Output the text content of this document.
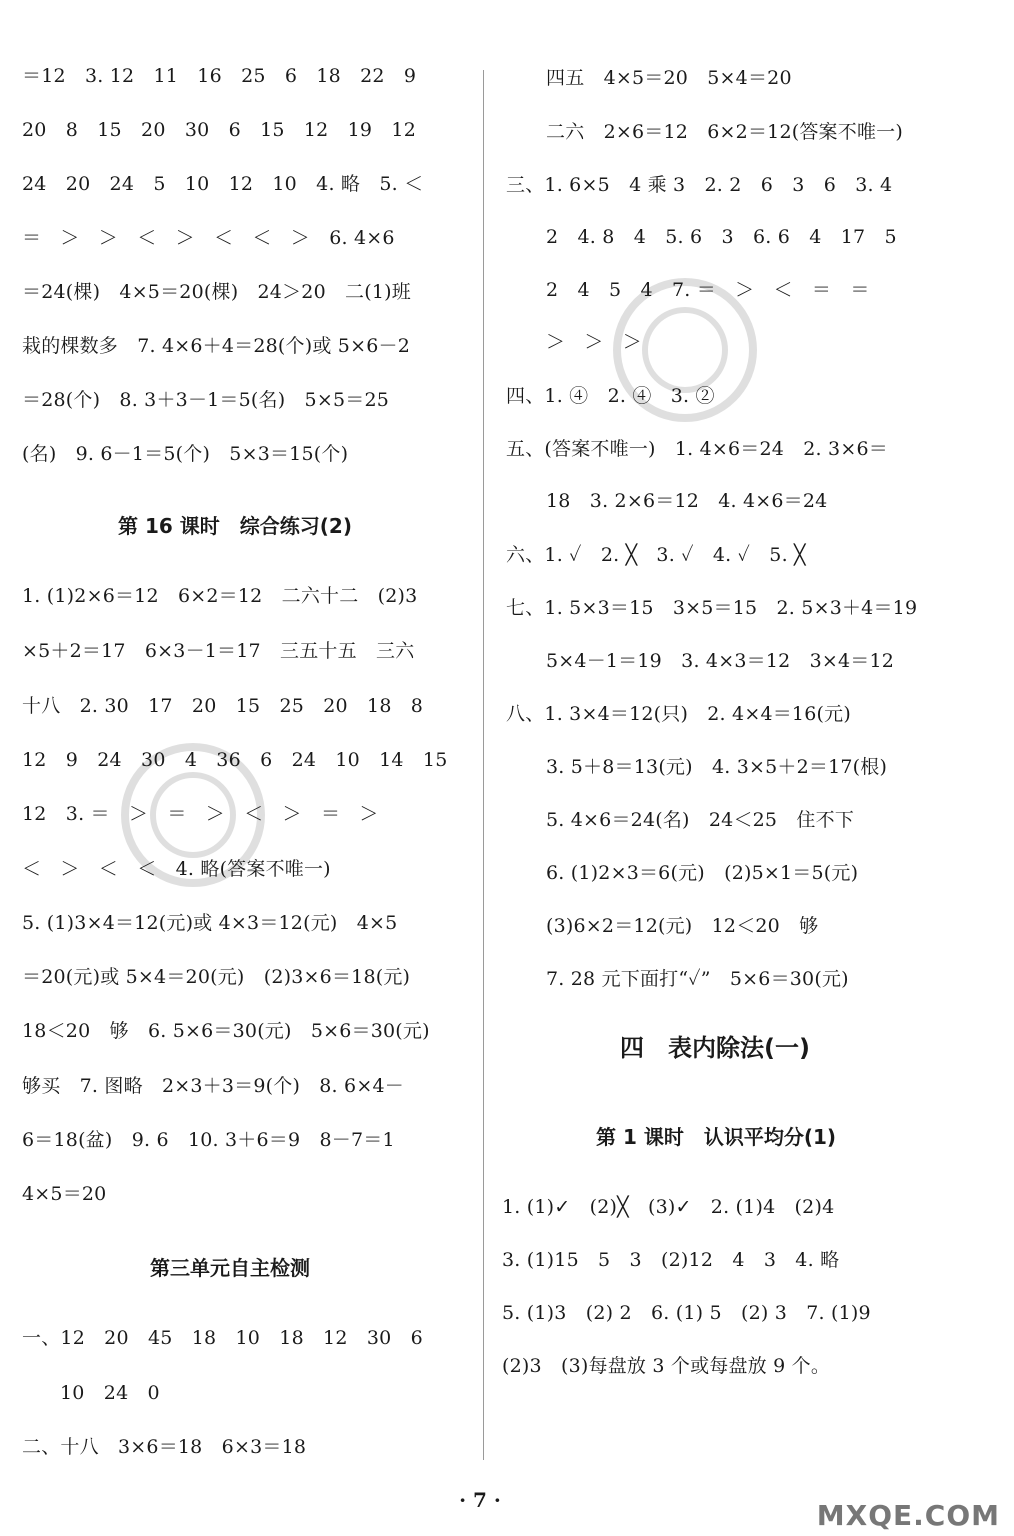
＝12　3. 12　11　16　25　6　18　22　9
20　8　15　20　30　6　15　12　19　12
24　20　24　5　10　12　10　4. 略　5. ＜
＝　＞　＞　＜　＞　＜　＜　＞　6. 4×6
＝24(棵)　4×5＝20(棵)　24＞20　二(1)班
栽的棵数多　7. 4×6＋4＝28(个)或 5×6－2
＝28(个)　8. 3＋3－1＝5(名)　5×5＝25
(名)　9. 6－1＝5(个)　5×3＝15(个)
第 16 课时　综合练习(2)
1. (1)2×6＝12　6×2＝12　二六十二　(2)3
×5＋2＝17　6×3－1＝17　三五十五　三六
十八　2. 30　17　20　15　25　20　18　8
12　9　24　30　4　36　6　24　10　14　15
12　3. ＝　＞　＝　＞　＜　＞　＝　＞
＜　＞　＜　＜　4. 略(答案不唯一)
5. (1)3×4＝12(元)或 4×3＝12(元)　4×5
＝20(元)或 5×4＝20(元)　(2)3×6＝18(元)
18＜20　够　6. 5×6＝30(元)　5×6＝30(元)
够买　7. 图略　2×3＋3＝9(个)　8. 6×4－
6＝18(盆)　9. 6　10. 3＋6＝9　8－7＝1
4×5＝20
第三单元自主检测
一、12　20　45　18　10　18　12　30　6
10　24　0
二、十八　3×6＝18　6×3＝18
四五　4×5＝20　5×4＝20
二六　2×6＝12　6×2＝12(答案不唯一)
三、1. 6×5　4 乘 3　2. 2　6　3　6　3. 4
2　4. 8　4　5. 6　3　6. 6　4　17　5
2　4　5　4　7. ＝　＞　＜　＝　＝
＞　＞　＞
四、1. ④　2. ④　3. ②
五、(答案不唯一)　1. 4×6＝24　2. 3×6＝
18　3. 2×6＝12　4. 4×6＝24
六、1. ✓　2. ╳　3. ✓　4. ✓　5. ╳
七、1. 5×3＝15　3×5＝15　2. 5×3＋4＝19
5×4－1＝19　3. 4×3＝12　3×4＝12
八、1. 3×4＝12(只)　2. 4×4＝16(元)
3. 5＋8＝13(元)　4. 3×5＋2＝17(根)
5. 4×6＝24(名)　24＜25　住不下
6. (1)2×3＝6(元)　(2)5×1＝5(元)
(3)6×2＝12(元)　12＜20　够
7. 28 元下面打“✓”　5×6＝30(元)
四　表内除法(一)
第 1 课时　认识平均分(1)
1. (1)✓　(2)╳　(3)✓　2. (1)4　(2)4
3. (1)15　5　3　(2)12　4　3　4. 略
5. (1)3　(2) 2　6. (1) 5　(2) 3　7. (1)9
(2)3　(3)每盘放 3 个或每盘放 9 个。
· 7 ·	MXQE.COM
